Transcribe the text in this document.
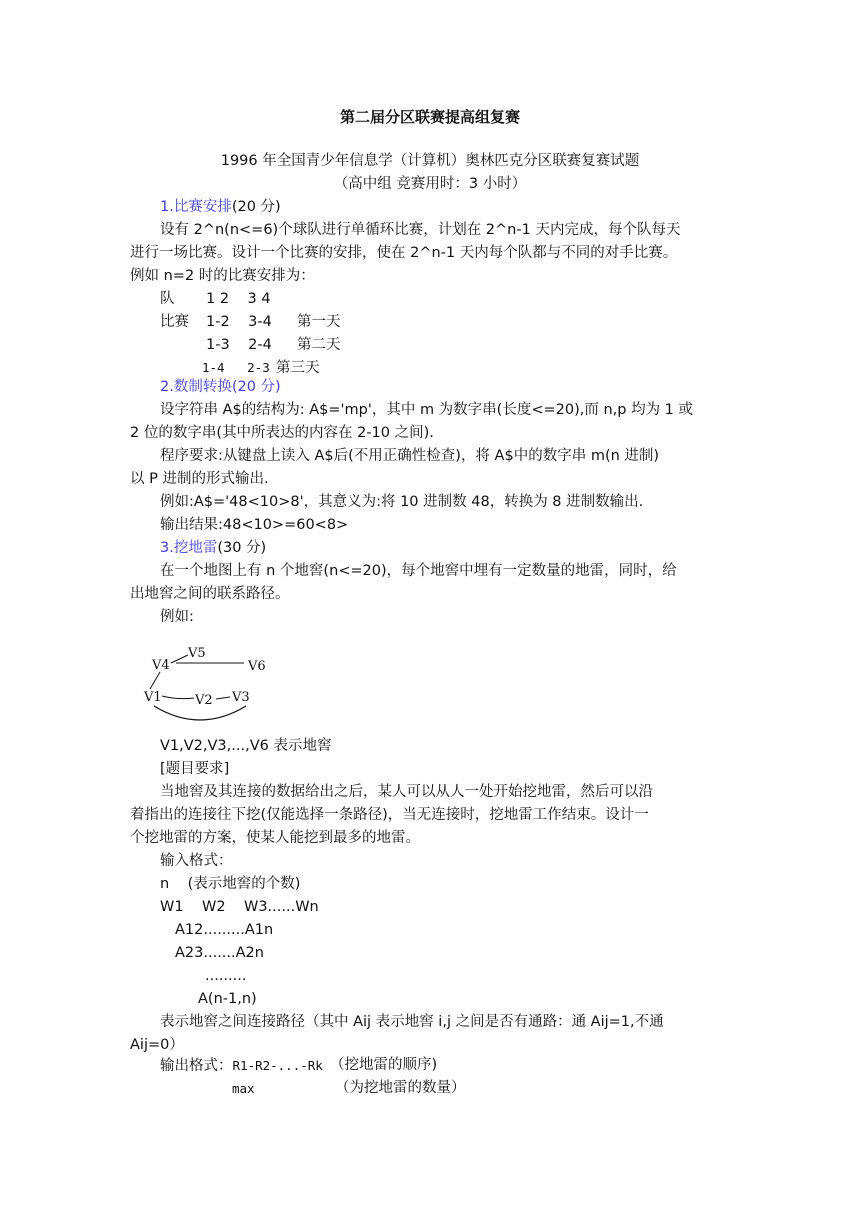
第二届分区联赛提高组复赛
1996 年全国青少年信息学（计算机）奥林匹克分区联赛复赛试题
（高中组 竞赛用时：3 小时）
1.比赛安排(20 分)
设有 2^n(n<=6)个球队进行单循环比赛，计划在 2^n-1 天内完成，每个队每天
进行一场比赛。设计一个比赛的安排，使在 2^n-1 天内每个队都与不同的对手比赛。
例如 n=2 时的比赛安排为：
队 1 2    3 4
比赛 1-2    3-4 第一天
1-3    2-4 第二天
1-4   2-3 第三天
2.数制转换(20 分)
设字符串 A$的结构为: A$='mp'，其中 m 为数字串(长度<=20),而 n,p 均为 1 或
2 位的数字串(其中所表达的内容在 2-10 之间).
程序要求:从键盘上读入 A$后(不用正确性检查)，将 A$中的数字串 m(n 进制)
以 P 进制的形式输出.
例如:A$='48<10>8'，其意义为:将 10 进制数 48，转换为 8 进制数输出.
输出结果:48<10>=60<8>
3.挖地雷(30 分)
在一个地图上有 n 个地窖(n<=20)，每个地窖中埋有一定数量的地雷，同时，给
出地窖之间的联系路径。
例如:
V5
V4	V6
V1	V2 V3
V1,V2,V3,...,V6 表示地窖
[题目要求]
当地窖及其连接的数据给出之后，某人可以从人一处开始挖地雷，然后可以沿
着指出的连接往下挖(仅能选择一条路径)，当无连接时，挖地雷工作结束。设计一
个挖地雷的方案，使某人能挖到最多的地雷。
输入格式：
n    (表示地窖的个数)
W1    W2    W3......Wn
A12.........A1n
A23.......A2n
.........
A(n-1,n)
表示地窖之间连接路径（其中 Aij 表示地窖 i,j 之间是否有通路：通 Aij=1,不通
Aij=0）
输出格式：R1-R2-...-Rk （挖地雷的顺序)
max	（为挖地雷的数量）
